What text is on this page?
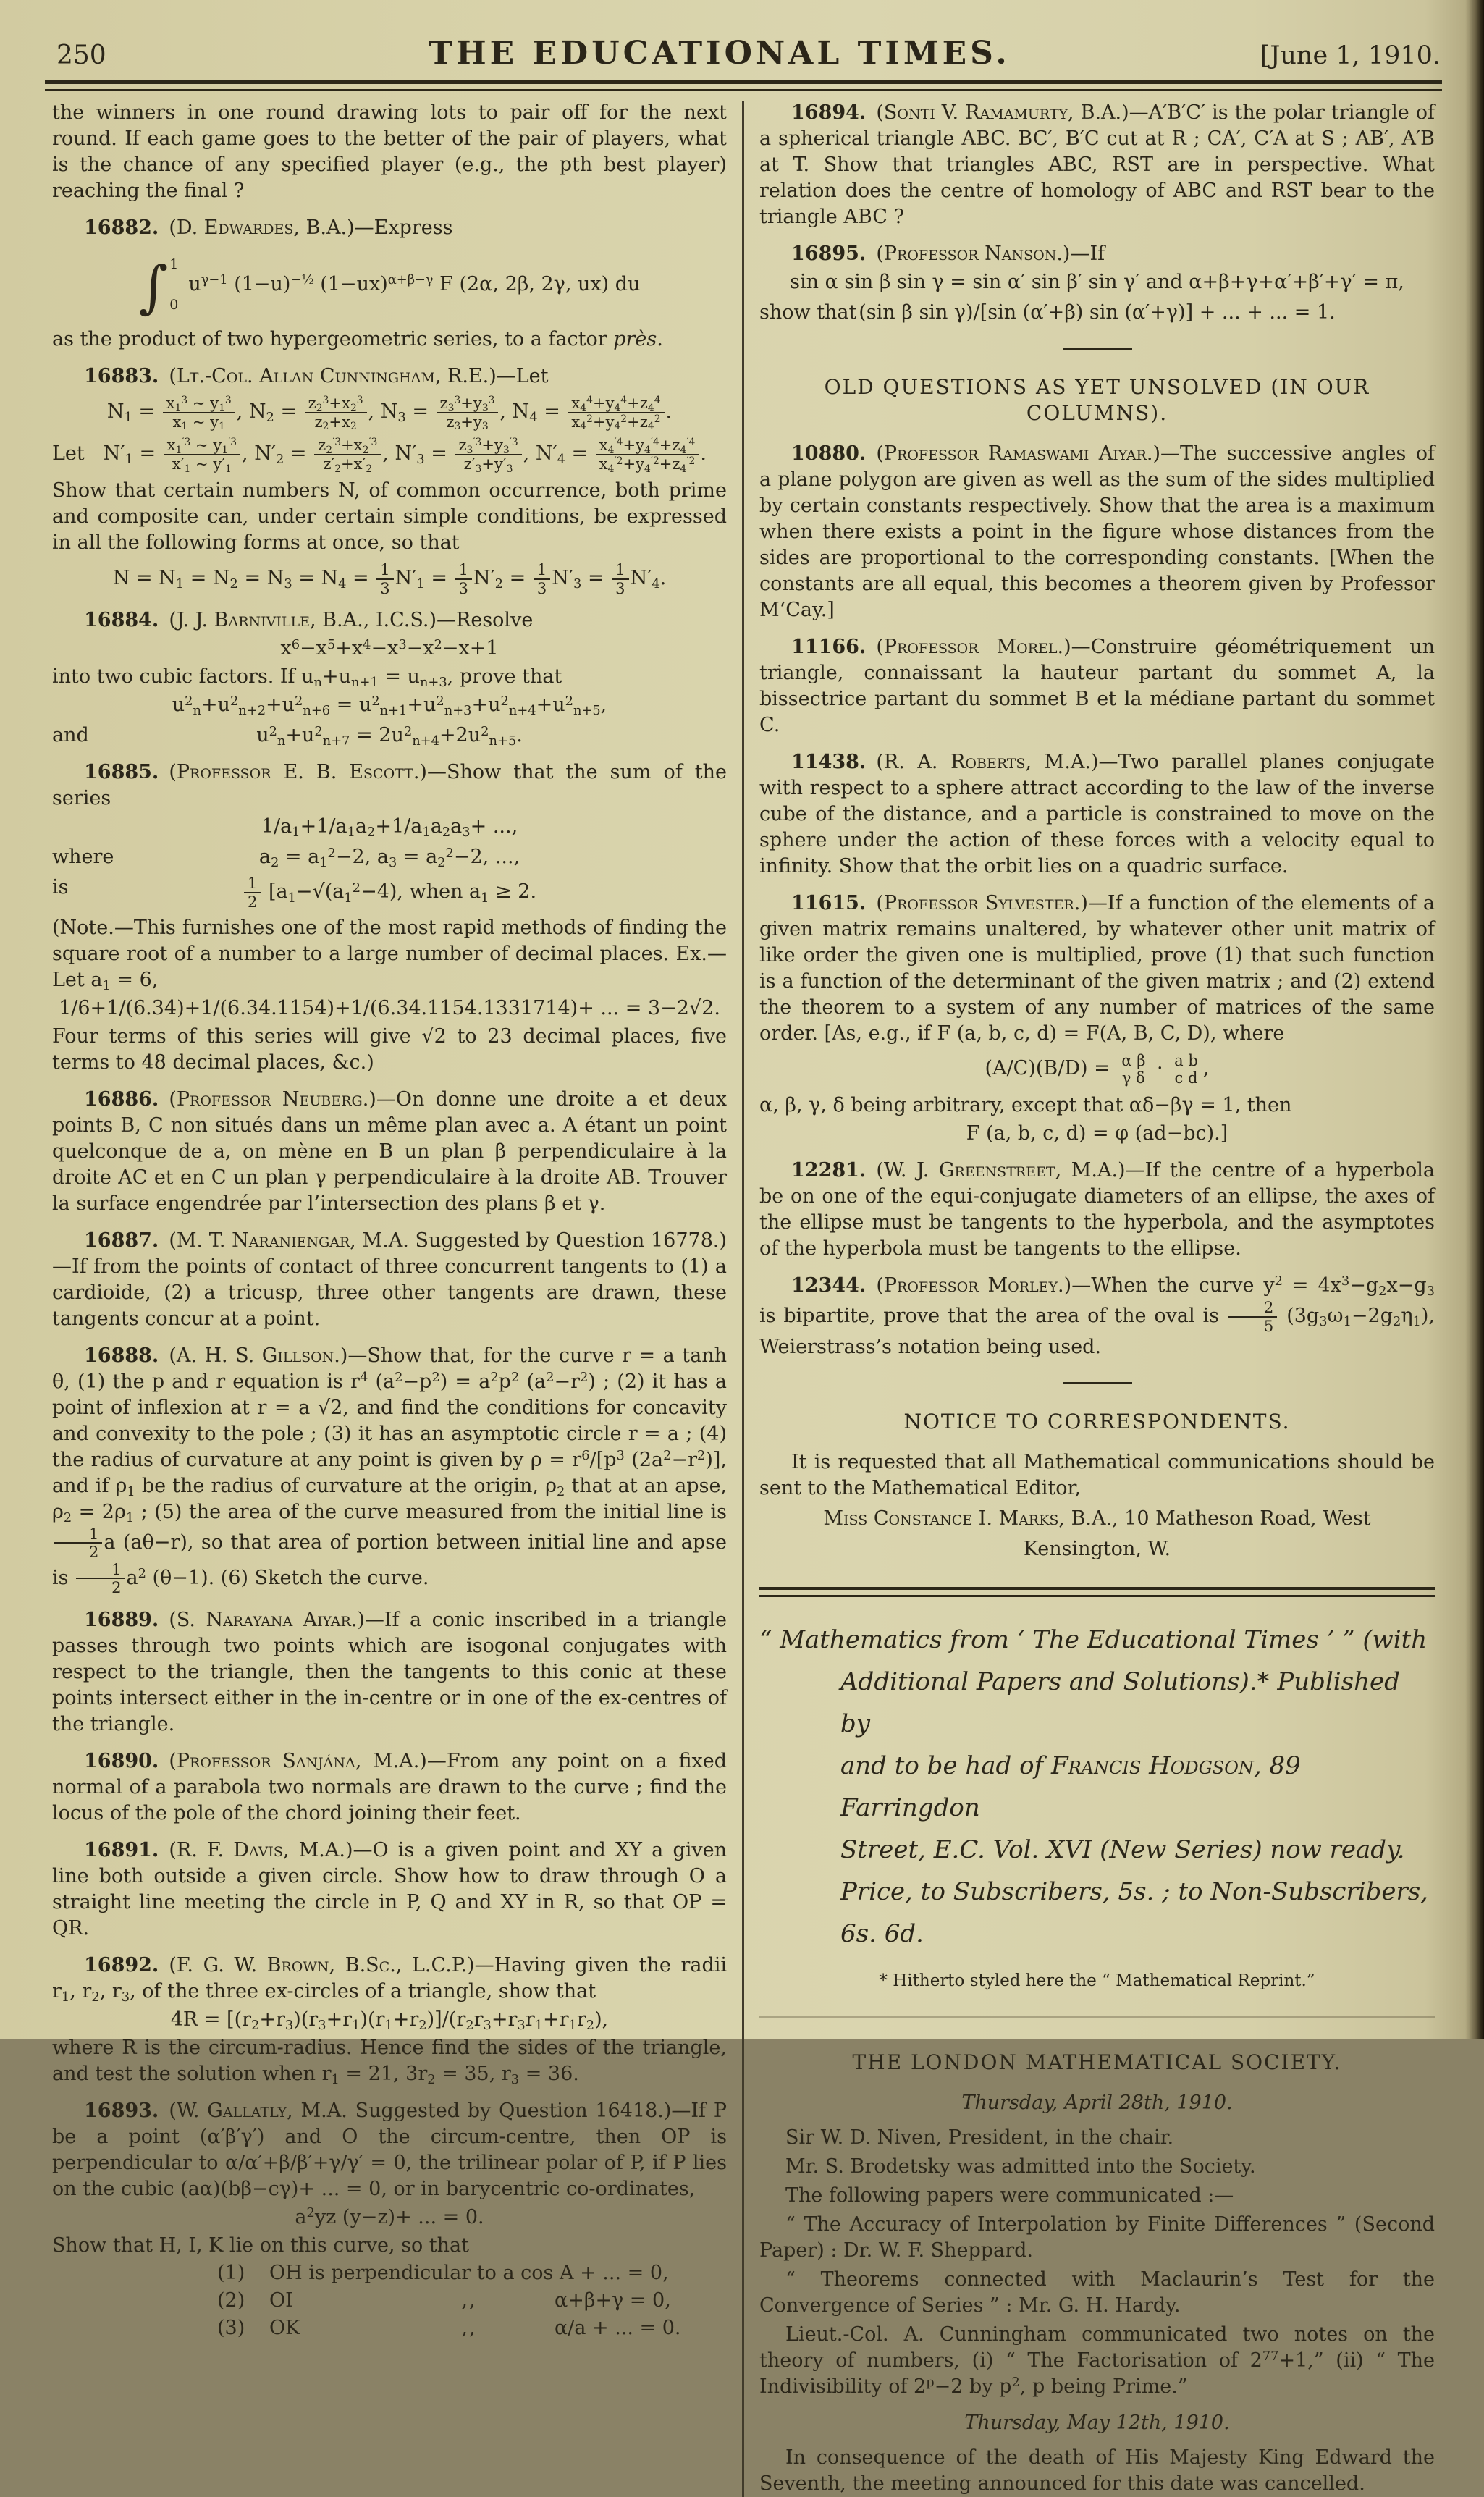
250	THE EDUCATIONAL TIMES.	[June 1, 1910.

the winners in one round drawing lots to pair off for the next round. If each game goes to the better of the pair of players, what is the chance of any specified player (e.g., the pth best player) reaching the final ?

16882. (D. Edwardes, B.A.)—Express

∫ 1
0
$u^{\gamma-1}$ $(1-u)^{-\frac{1}{2}}$ $(1-ux)^{\alpha+\beta-\gamma}$ F (2α, 2β, 2γ, ux) du

as the product of two hypergeometric series, to a factor près.

16883. (Lt.-Col. Allan Cunningham, R.E.)—Let

$N_1 = \frac{x_1^3 \sim y_1^3}{x_1 \sim y_1}$ , $N_2 = \frac{z_2^3+x_2^3}{z_2+x_2}$ , $N_3 = \frac{z_3^3+y_3^3}{z_3+y_3}$ , $N_4 = \frac{x_4^4+y_4^4+z_4^4}{x_4^2+y_4^2+z_4^2}$ .
Let $N'_1 = \frac{x_1^{'3} \sim y_1^{'3}}{x'_1 \sim y'_1}$ , $N'_2 = \frac{z_2^{'3}+x_2^{'3}}{z'_2+x'_2}$ , $N'_3 = \frac{z_3^{'3}+y_3^{'3}}{z'_3+y'_3}$ , $N'_4 = \frac{x_4^{'4}+y_4^{'4}+z_4^{'4}}{x_4^{'2}+y_4^{'2}+z_4^{'2}}$ .

Show that certain numbers N, of common occurrence, both prime and composite can, under certain simple conditions, be expressed in all the following forms at once, so that

$N = N_1 = N_2 = N_3 = N_4 = \frac{1}{3} N'_1 = \frac{1}{3} N'_2 = \frac{1}{3} N'_3 = \frac{1}{3} N'_4$.

16884. (J. J. Barniville, B.A., I.C.S.)—Resolve

$x^6-x^5+x^4-x^3-x^2-x+1$

into two cubic factors. If $u_n+u_{n+1} = u_{n+3}$, prove that

$u^2_n+u^2_{n+2}+u^2_{n+6} = u^2_{n+1}+u^2_{n+3}+u^2_{n+4}+u^2_{n+5}$,
and	$u^2_n+u^2_{n+7} = 2u^2_{n+4}+2u^2_{n+5}$.

16885. (Professor E. B. Escott.)—Show that the sum of the series

$1/a_1+1/a_1a_2+1/a_1a_2a_3+$ ...,
where	$a_2 = a_1^2-2$, $a_3 = a_2^2-2$, ...,
is	$\frac{1}{2} [a_1-√(a_1^2-4)$, when $a_1 \ge 2$.

(Note.—This furnishes one of the most rapid methods of finding the square root of a number to a large number of decimal places. Ex.—Let $a_1 = 6$,

1/6+1/(6.34)+1/(6.34.1154)+1/(6.34.1154.1331714)+ ... = 3−2√2.

Four terms of this series will give √2 to 23 decimal places, five terms to 48 decimal places, &c.)

16886. (Professor Neuberg.)—On donne une droite a et deux points B, C non situés dans un même plan avec a. A étant un point quelconque de a, on mène en B un plan β perpendiculaire à la droite AC et en C un plan γ perpendiculaire à la droite AB. Trouver la surface engendrée par l’intersection des plans β et γ.

16887. (M. T. Naraniengar, M.A. Suggested by Question 16778.)—If from the points of contact of three concurrent tangents to (1) a cardioide, (2) a tricusp, three other tangents are drawn, these tangents concur at a point.

16888. (A. H. S. Gillson.)—Show that, for the curve r = a tanh θ, (1) the p and r equation is $r^4$ $(a^2-p^2) = a^2p^2$ $(a^2-r^2)$ ; (2) it has a point of inflexion at r = a √2, and find the conditions for concavity and convexity to the pole ; (3) it has an asymptotic circle r = a ; (4) the radius of curvature at any point is given by $\rho = r^6/[p^3$ $(2a^2-r^2)$], and if $\rho_1$ be the radius of curvature at the origin, $\rho_2$ that at an apse, $\rho_2 = 2\rho_1$ ; (5) the area of the curve measured from the initial line is
$\frac{1}{2}$ a (aθ−r), so that area of portion between initial line and apse is $\frac{1}{2} a^2$ (θ−1). (6) Sketch the curve.

16889. (S. Narayana Aiyar.)—If a conic inscribed in a triangle passes through two points which are isogonal conjugates with respect to the triangle, then the tangents to this conic at these points intersect either in the in-centre or in one of the ex-centres of the triangle.

16890. (Professor Sanjána, M.A.)—From any point on a fixed normal of a parabola two normals are drawn to the curve ; find the locus of the pole of the chord joining their feet.

16891. (R. F. Davis, M.A.)—O is a given point and XY a given line both outside a given circle. Show how to draw through O a straight line meeting the circle in P, Q and XY in R, so that OP = QR.

16892. (F. G. W. Brown, B.Sc., L.C.P.)—Having given the radii $r_1$, $r_2$, $r_3$, of the three ex-circles of a triangle, show that

$4R = [(r_2+r_3)(r_3+r_1)(r_1+r_2)]/(r_2r_3+r_3r_1+r_1r_2)$,

where R is the circum-radius. Hence find the sides of the triangle, and test the solution when $r_1 = 21$, $3r_2 = 35$, $r_3 = 36$.

16893. (W. Gallatly, M.A. Suggested by Question 16418.)—If P be a point (α′β′γ′) and O the circum-centre, then OP is perpendicular to α/α′+β/β′+γ/γ′ = 0, the trilinear polar of P, if P lies on the cubic (aα)(bβ−cγ)+ ... = 0, or in barycentric co-ordinates,

$a^2yz$ (y−z)+ ... = 0.

Show that H, I, K lie on this curve, so that

(1)	OH is perpendicular to a cos A + ... = 0,
(2)	OI	,,	α+β+γ = 0,
(3)	OK	,,	α/a + ... = 0.

16894. (Sonti V. Ramamurty, B.A.)—A′B′C′ is the polar triangle of a spherical triangle ABC. BC′, B′C cut at R ; CA′, C′A at S ; AB′, A′B at T. Show that triangles ABC, RST are in perspective. What relation does the centre of homology of ABC and RST bear to the triangle ABC ?

16895. (Professor Nanson.)—If

sin α sin β sin γ = sin α′ sin β′ sin γ′ and α+β+γ+α′+β′+γ′ = π,
show that (sin β sin γ)/[sin (α′+β) sin (α′+γ)] + ... + ... = 1.

OLD QUESTIONS AS YET UNSOLVED (IN OUR COLUMNS).

10880. (Professor Ramaswami Aiyar.)—The successive angles of a plane polygon are given as well as the sum of the sides multiplied by certain constants respectively. Show that the area is a maximum when there exists a point in the figure whose distances from the sides are proportional to the corresponding constants. [When the constants are all equal, this becomes a theorem given by Professor M‘Cay.]

11166. (Professor Morel.)—Construire géométriquement un triangle, connaissant la hauteur partant du sommet A, la bissectrice partant du sommet B et la médiane partant du sommet C.

11438. (R. A. Roberts, M.A.)—Two parallel planes conjugate with respect to a sphere attract according to the law of the inverse cube of the distance, and a particle is constrained to move on the sphere under the action of these forces with a velocity equal to infinity. Show that the orbit lies on a quadric surface.

11615. (Professor Sylvester.)—If a function of the elements of a given matrix remains unaltered, by whatever other unit matrix of like order the given one is multiplied, prove (1) that such function is a function of the determinant of the given matrix ; and (2) extend the theorem to a system of any number of matrices of the same order. [As, e.g., if F (a, b, c, d) = F(A, B, C, D), where

(A/C)(B/D) = α β
γ δ · a b
c d ,

α, β, γ, δ being arbitrary, except that αδ−βγ = 1, then

F (a, b, c, d) = φ (ad−bc).]

12281. (W. J. Greenstreet, M.A.)—If the centre of a hyperbola be on one of the equi-conjugate diameters of an ellipse, the axes of the ellipse must be tangents to the hyperbola, and the asymptotes of the hyperbola must be tangents to the ellipse.

12344. (Professor Morley.)—When the curve $y^2 = 4x^3-g_2x-g_3$ is bipartite, prove that the area of the oval is $\frac{2}{5} (3g_3\omega_1-2g_2\eta_1)$, Weierstrass’s notation being used.

NOTICE TO CORRESPONDENTS.

It is requested that all Mathematical communications should be sent to the Mathematical Editor,

Miss Constance I. Marks, B.A., 10 Matheson Road, West

Kensington, W.

“ Mathematics from ‘ The Educational Times ’ ” (with
Additional Papers and Solutions).* Published by
and to be had of Francis Hodgson, 89 Farringdon
Street, E.C. Vol. XVI (New Series) now ready.
Price, to Subscribers, 5s. ; to Non-Subscribers, 6s. 6d.

* Hitherto styled here the “ Mathematical Reprint.”

THE LONDON MATHEMATICAL SOCIETY.

Thursday, April 28th, 1910.

Sir W. D. Niven, President, in the chair.

Mr. S. Brodetsky was admitted into the Society.

The following papers were communicated :—

“ The Accuracy of Interpolation by Finite Differences ” (Second Paper) : Dr. W. F. Sheppard.

“ Theorems connected with Maclaurin’s Test for the Convergence of Series ” : Mr. G. H. Hardy.

Lieut.-Col. A. Cunningham communicated two notes on the theory of numbers, (i) “ The Factorisation of $2^{77}+1$,” (ii) “ The Indivisibility of $2^p-2$ by $p^2$, p being Prime.”

Thursday, May 12th, 1910.

In consequence of the death of His Majesty King Edward the Seventh, the meeting announced for this date was cancelled.
